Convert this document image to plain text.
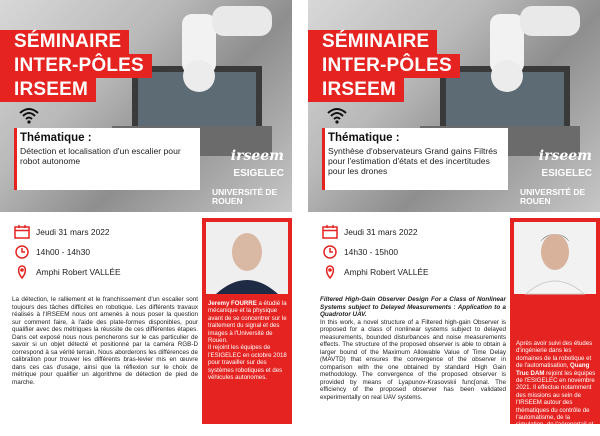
SÉMINAIRE
INTER-PÔLES
IRSEEM
Thématique :
Détection et localisation d'un escalier pour robot autonome	irseem
ESIGELEC
UNIVERSITÉ DE ROUEN
Jeudi 31 mars 2022
14h00 - 14h30
Amphi Robert VALLÉE
La détection, le ralliement et le franchissement d'un escalier sont toujours des tâches difficiles en robotique. Les différents travaux réalisés à l'IRSEEM nous ont amenés à nous poser la question sur comment faire, à l'aide des plate-formes disponibles, pour qualifier avec des métriques la réussite de ces différentes étapes. Dans cet exposé nous nous pencherons sur le cas particulier de savoir si un objet détecté et positionné par la caméra RGB-D correspond à sa vérité terrain. Nous aborderons les différences de calibration pour trouver les différents bras-levier mis en œuvre dans ces cas d'usage, ainsi que la réflexion sur le choix de métrique pour qualifier un algorithme de détection de pied de marche.
Jeremy FOURRE a étudié la mécanique et la physique avant de se concentrer sur le traitement du signal et des images à l'Université de Rouen.
Il rejoint les équipes de l'ESIGELEC en octobre 2018 pour travailler sur des systèmes robotiques et des véhicules autonomes.
SÉMINAIRE
INTER-PÔLES
IRSEEM
Thématique :
Synthèse d'observateurs Grand gains Filtrés pour l'estimation d'états et des incertitudes pour les drones
irseem
ESIGELEC
UNIVERSITÉ DE ROUEN
Jeudi 31 mars 2022
14h30 - 15h00
Amphi Robert VALLÉE
Filtered High-Gain Observer Design For a Class of Nonlinear Systems subject to Delayed Measurements : Application to a Quadrotor UAV.
In this work, a novel structure of a Filtered high-gain Observer is proposed for a class of nonlinear systems subject to delayed measurements, bounded disturbances and noise measurements effects. The structure of the proposed observer is able to obtain a larger bound of the Maximum Allowable Value of Time Delay (MAVTD) that ensures the convergence of the observer in comparison with the one obtained by standard High Gain methodology. The convergence of the proposed observer is provided by means of Lyapunov-Krasovskii func[onal. The efficiency of the proposed observer has been validated experimentally on real UAV systems.
Après avoir suivi des études d'ingénierie dans les domaines de la robotique et de l'automatisation, Quang Truc DAM rejoint les équipes de l'ESIGELEC en novembre 2021. Il effectue notamment des missions au sein de l'IRSEEM autour des thématiques du contrôle de l'automatisme, de la simulation, de l'aéroportail et de la programmation.
